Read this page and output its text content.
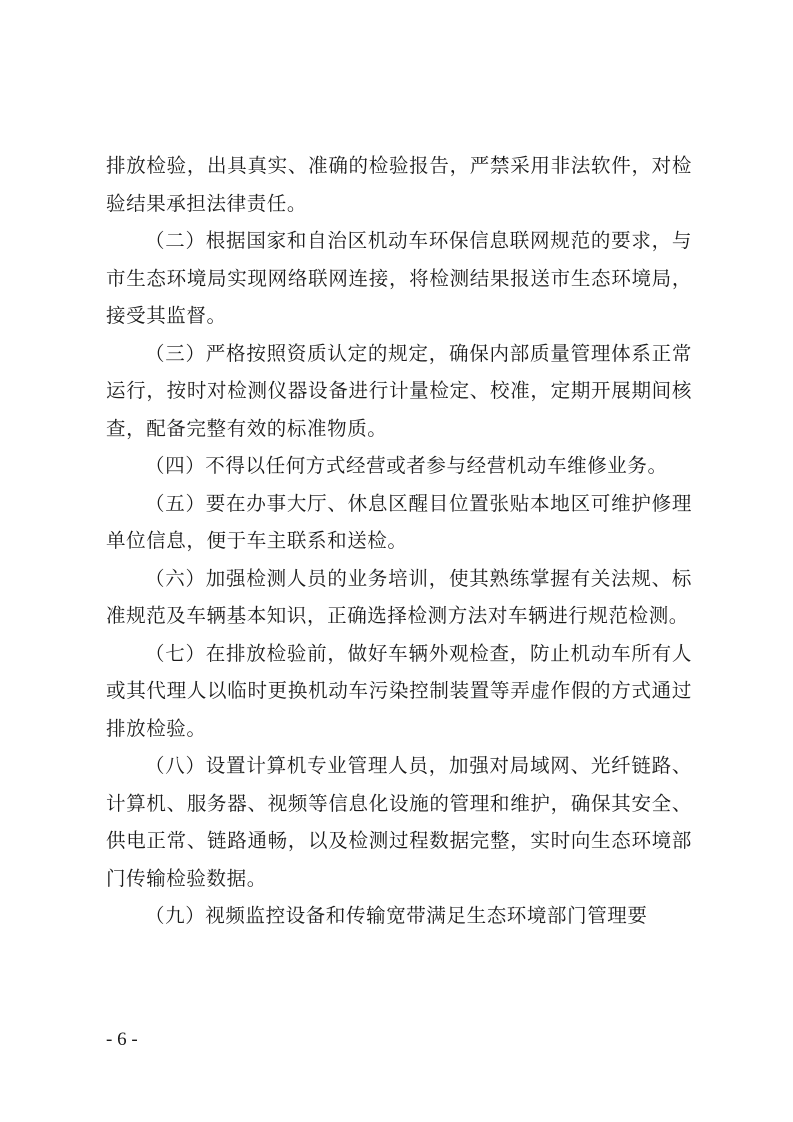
排放检验，出具真实、准确的检验报告，严禁采用非法软件，对检验结果承担法律责任。

（二）根据国家和自治区机动车环保信息联网规范的要求，与市生态环境局实现网络联网连接，将检测结果报送市生态环境局，接受其监督。

（三）严格按照资质认定的规定，确保内部质量管理体系正常运行，按时对检测仪器设备进行计量检定、校准，定期开展期间核查，配备完整有效的标准物质。

（四）不得以任何方式经营或者参与经营机动车维修业务。

（五）要在办事大厅、休息区醒目位置张贴本地区可维护修理单位信息，便于车主联系和送检。

（六）加强检测人员的业务培训，使其熟练掌握有关法规、标准规范及车辆基本知识，正确选择检测方法对车辆进行规范检测。

（七）在排放检验前，做好车辆外观检查，防止机动车所有人或其代理人以临时更换机动车污染控制装置等弄虚作假的方式通过排放检验。

（八）设置计算机专业管理人员，加强对局域网、光纤链路、计算机、服务器、视频等信息化设施的管理和维护，确保其安全、供电正常、链路通畅，以及检测过程数据完整，实时向生态环境部门传输检验数据。

（九）视频监控设备和传输宽带满足生态环境部门管理要

- 6 -
